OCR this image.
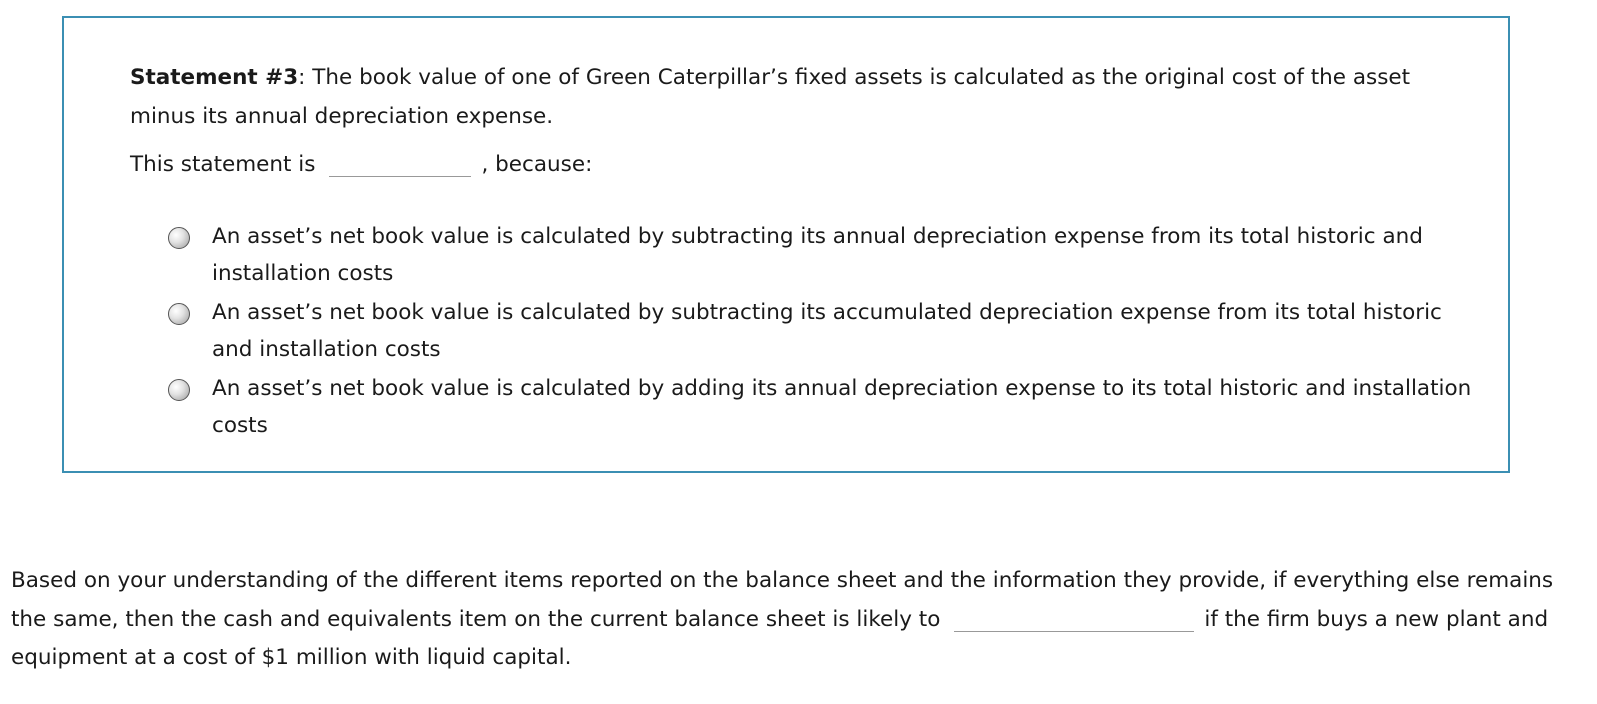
Statement #3: The book value of one of Green Caterpillar’s fixed assets is calculated as the original cost of the asset minus its annual depreciation expense.

This statement is	, because:
An asset’s net book value is calculated by subtracting its annual depreciation expense from its total historic and installation costs
An asset’s net book value is calculated by subtracting its accumulated depreciation expense from its total historic and installation costs
An asset’s net book value is calculated by adding its annual depreciation expense to its total historic and installation costs

Based on your understanding of the different items reported on the balance sheet and the information they provide, if everything else remains the same, then the cash and equivalents item on the current balance sheet is likely to	if the firm buys a new plant and equipment at a cost of $1 million with liquid capital.
